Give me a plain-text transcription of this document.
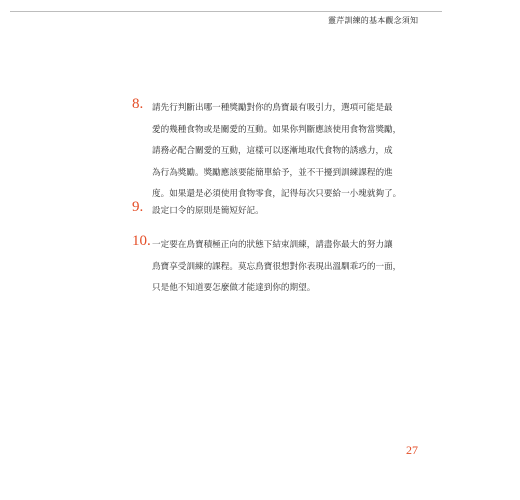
靈芹訓練的基本觀念須知
8. 請先行判斷出哪一種獎勵對你的鳥寶最有吸引力，選項可能是最
愛的幾種食物或是關愛的互動。如果你判斷應該使用食物當獎勵，
請務必配合關愛的互動，這樣可以逐漸地取代食物的誘惑力，成
為行為獎勵。獎勵應該要能簡單給予，並不干擾到訓練課程的進
度。如果還是必須使用食物零食，記得每次只要給一小塊就夠了。

9. 設定口令的原則是簡短好記。

10. 一定要在鳥寶積極正向的狀態下結束訓練，請盡你最大的努力讓
鳥寶享受訓練的課程。莫忘鳥寶很想對你表現出溫馴乖巧的一面，
只是他不知道要怎麼做才能達到你的期望。

27
